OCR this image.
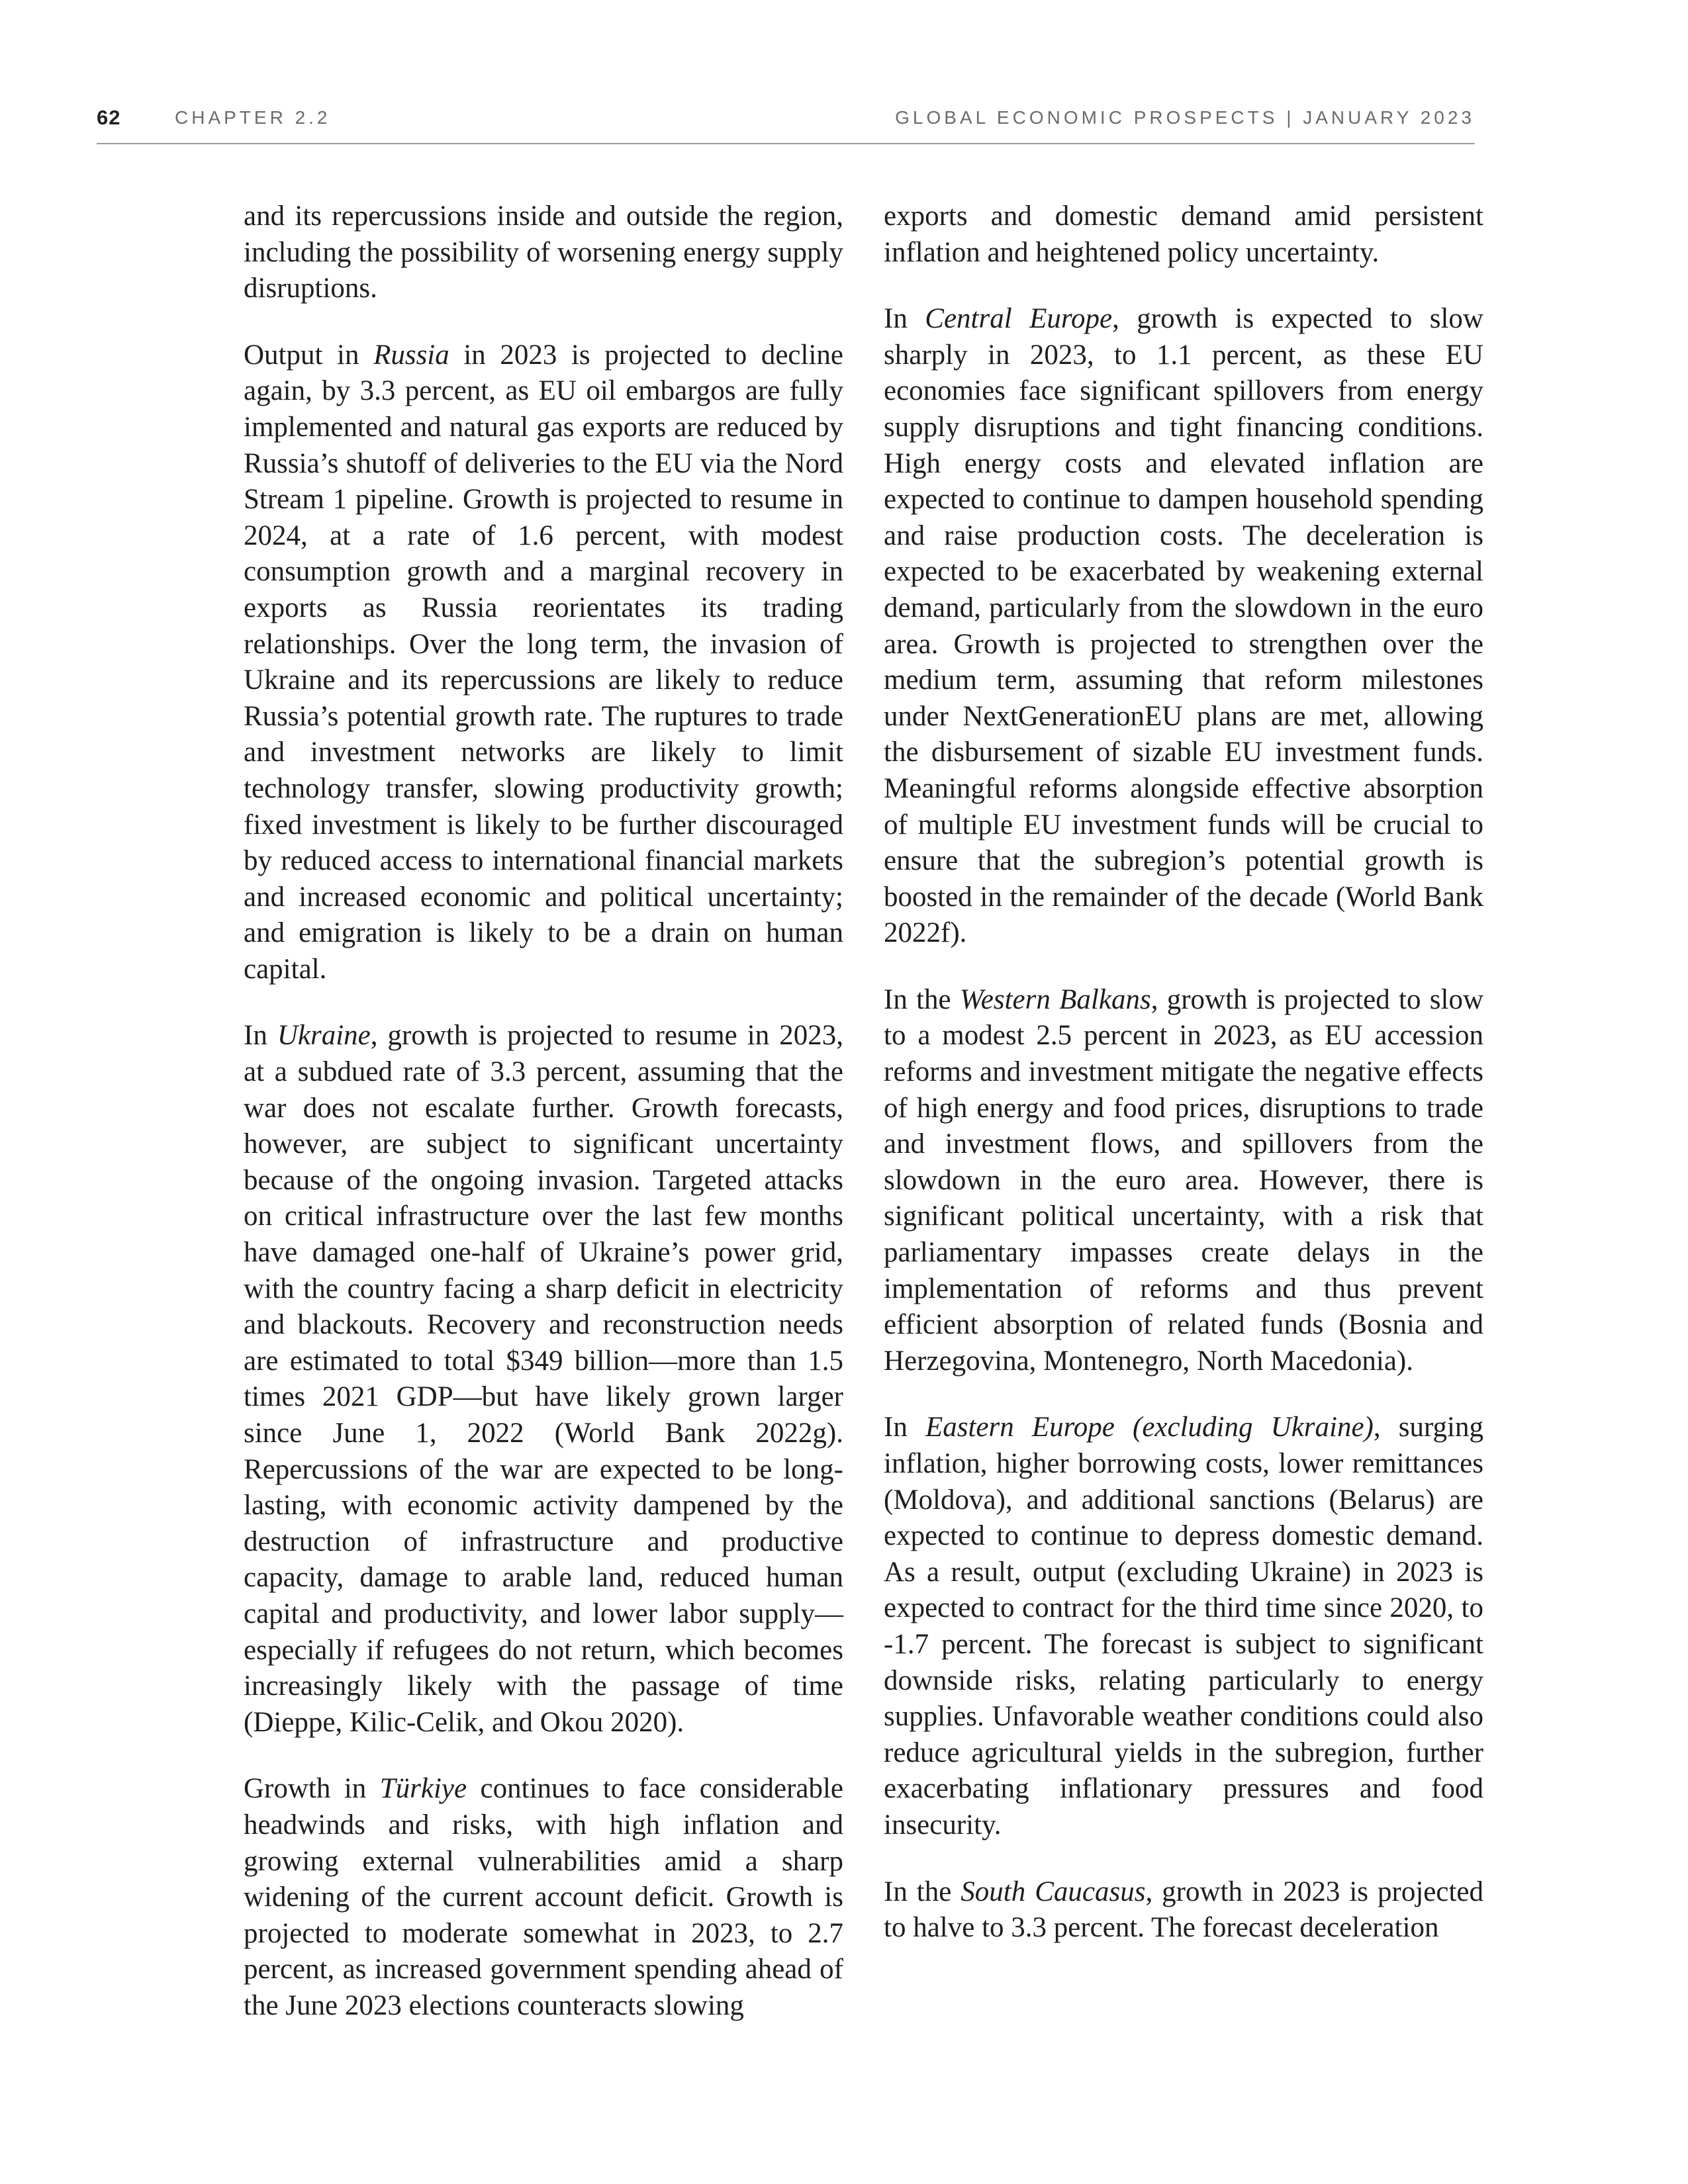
62	CHAPTER 2.2	GLOBAL ECONOMIC PROSPECTS | JANUARY 2023

and its repercussions inside and outside the region, including the possibility of worsening energy supply disruptions.

Output in Russia in 2023 is projected to decline again, by 3.3 percent, as EU oil embargos are fully implemented and natural gas exports are reduced by Russia’s shutoff of deliveries to the EU via the Nord Stream 1 pipeline. Growth is projected to resume in 2024, at a rate of 1.6 percent, with modest consumption growth and a marginal recovery in exports as Russia reorientates its trading relationships. Over the long term, the invasion of Ukraine and its repercussions are likely to reduce Russia’s potential growth rate. The ruptures to trade and investment networks are likely to limit technology transfer, slowing productivity growth; fixed investment is likely to be further discouraged by reduced access to international financial markets and increased economic and political uncertainty; and emigration is likely to be a drain on human capital.

In Ukraine, growth is projected to resume in 2023, at a subdued rate of 3.3 percent, assuming that the war does not escalate further. Growth forecasts, however, are subject to significant uncertainty because of the ongoing invasion. Targeted attacks on critical infrastructure over the last few months have damaged one-half of Ukraine’s power grid, with the country facing a sharp deficit in electricity and blackouts. Recovery and reconstruction needs are estimated to total $349 billion—more than 1.5 times 2021 GDP—but have likely grown larger since June 1, 2022 (World Bank 2022g). Repercussions of the war are expected to be long-lasting, with economic activity dampened by the destruction of infrastructure and productive capacity, damage to arable land, reduced human capital and productivity, and lower labor supply—especially if refugees do not return, which becomes increasingly likely with the passage of time (Dieppe, Kilic-Celik, and Okou 2020).

Growth in Türkiye continues to face considerable headwinds and risks, with high inflation and growing external vulnerabilities amid a sharp widening of the current account deficit. Growth is projected to moderate somewhat in 2023, to 2.7 percent, as increased government spending ahead of the June 2023 elections counteracts slowing

exports and domestic demand amid persistent inflation and heightened policy uncertainty.

In Central Europe, growth is expected to slow sharply in 2023, to 1.1 percent, as these EU economies face significant spillovers from energy supply disruptions and tight financing conditions. High energy costs and elevated inflation are expected to continue to dampen household spending and raise production costs. The deceleration is expected to be exacerbated by weakening external demand, particularly from the slowdown in the euro area. Growth is projected to strengthen over the medium term, assuming that reform milestones under NextGenerationEU plans are met, allowing the disbursement of sizable EU investment funds. Meaningful reforms alongside effective absorption of multiple EU investment funds will be crucial to ensure that the subregion’s potential growth is boosted in the remainder of the decade (World Bank 2022f).

In the Western Balkans, growth is projected to slow to a modest 2.5 percent in 2023, as EU accession reforms and investment mitigate the negative effects of high energy and food prices, disruptions to trade and investment flows, and spillovers from the slowdown in the euro area. However, there is significant political uncertainty, with a risk that parliamentary impasses create delays in the implementation of reforms and thus prevent efficient absorption of related funds (Bosnia and Herzegovina, Montenegro, North Macedonia).

In Eastern Europe (excluding Ukraine), surging inflation, higher borrowing costs, lower remittances (Moldova), and additional sanctions (Belarus) are expected to continue to depress domestic demand. As a result, output (excluding Ukraine) in 2023 is expected to contract for the third time since 2020, to -1.7 percent. The forecast is subject to significant downside risks, relating particularly to energy supplies. Unfavorable weather conditions could also reduce agricultural yields in the subregion, further exacerbating inflationary pressures and food insecurity.

In the South Caucasus, growth in 2023 is projected to halve to 3.3 percent. The forecast deceleration
